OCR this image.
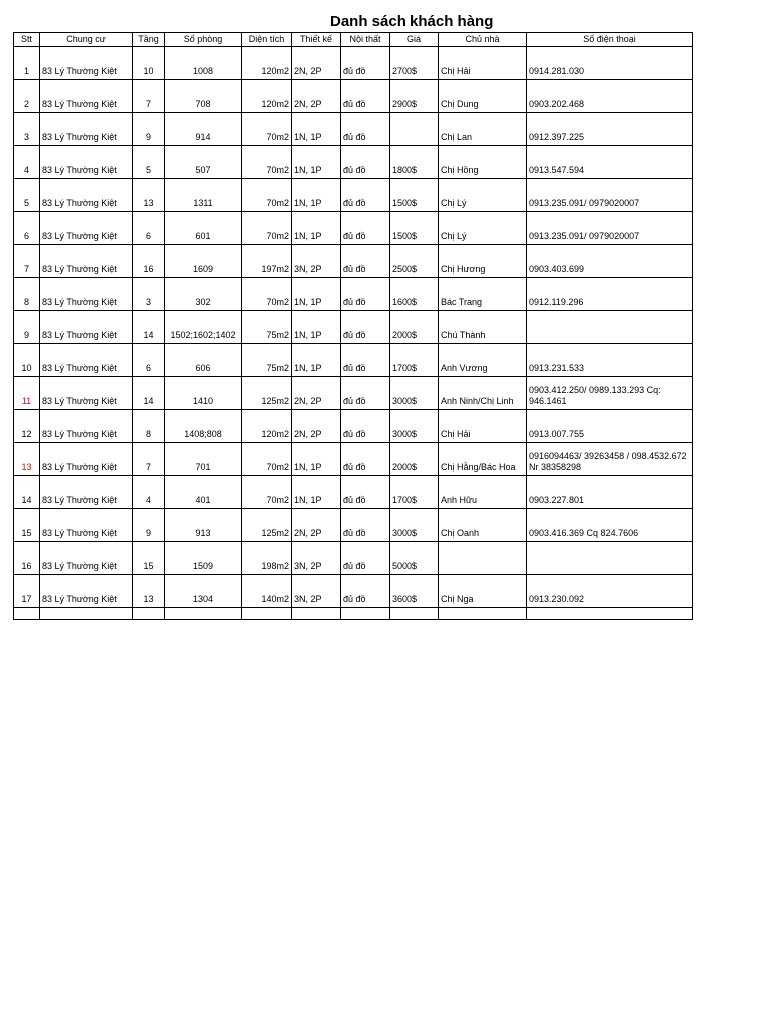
Danh sách khách hàng
Stt	Chung cư	Tầng	Số phòng	Diện tích	Thiết kế	Nội thất	Giá	Chủ nhà	Số điện thoại
1	83 Lý Thường Kiệt	10	1008	120m2	2N, 2P	đủ đồ	2700$	Chị Hải	0914.281.030
2	83 Lý Thường Kiệt	7	708	120m2	2N, 2P	đủ đồ	2900$	Chị Dung	0903.202.468
3	83 Lý Thường Kiệt	9	914	70m2	1N, 1P	đủ đồ		Chị Lan	0912.397.225
4	83 Lý Thường Kiệt	5	507	70m2	1N, 1P	đủ đồ	1800$	Chị Hồng	0913.547.594
5	83 Lý Thường Kiệt	13	1311	70m2	1N, 1P	đủ đồ	1500$	Chị Lý	0913.235.091/ 0979020007
6	83 Lý Thường Kiệt	6	601	70m2	1N, 1P	đủ đồ	1500$	Chị Lý	0913.235.091/ 0979020007
7	83 Lý Thường Kiệt	16	1609	197m2	3N, 2P	đủ đồ	2500$	Chị Hương	0903.403.699
8	83 Lý Thường Kiệt	3	302	70m2	1N, 1P	đủ đồ	1600$	Bác Trang	0912.119.296
9	83 Lý Thường Kiệt	14	1502;1602;1402	75m2	1N, 1P	đủ đồ	2000$	Chú Thành	
10	83 Lý Thường Kiệt	6	606	75m2	1N, 1P	đủ đồ	1700$	Anh Vương	0913.231.533
11	83 Lý Thường Kiệt	14	1410	125m2	2N, 2P	đủ đồ	3000$	Anh Ninh/Chị Linh	0903.412.250/ 0989.133.293 Cq: 946.1461
12	83 Lý Thường Kiệt	8	1408;808	120m2	2N, 2P	đủ đồ	3000$	Chị Hải	0913.007.755
13	83 Lý Thường Kiệt	7	701	70m2	1N, 1P	đủ đồ	2000$	Chị Hằng/Bác Hoa	0916094463/ 39263458 / 098.4532.672 Nr 38358298
14	83 Lý Thường Kiệt	4	401	70m2	1N, 1P	đủ đồ	1700$	Anh Hữu	0903.227.801
15	83 Lý Thường Kiệt	9	913	125m2	2N, 2P	đủ đồ	3000$	Chị Oanh	0903.416.369 Cq 824.7606
16	83 Lý Thường Kiệt	15	1509	198m2	3N, 2P	đủ đồ	5000$		
17	83 Lý Thường Kiệt	13	1304	140m2	3N, 2P	đủ đồ	3600$	Chị Nga	0913.230.092
